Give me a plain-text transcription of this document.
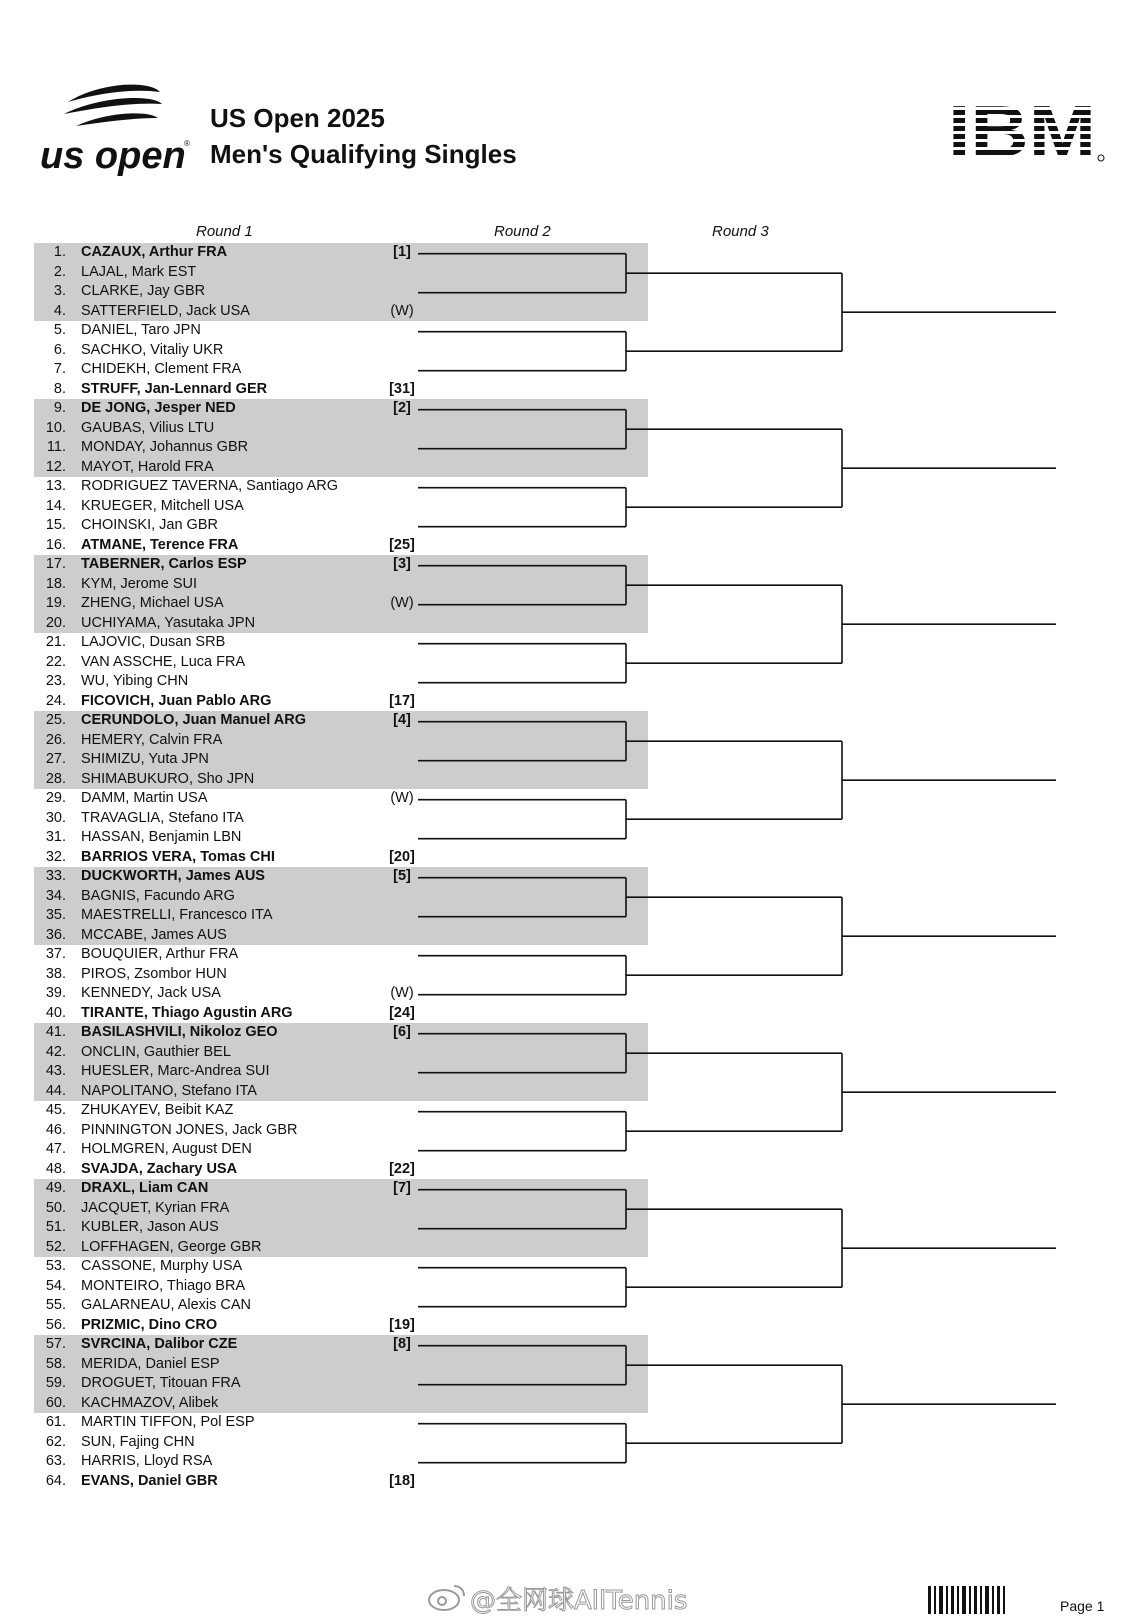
us open
®
US Open 2025
Men's Qualifying Singles	IBM
Round 1	Round 2	Round 3
1. CAZAUX, Arthur FRA	[1]
2. LAJAL, Mark EST
3. CLARKE, Jay GBR
4. SATTERFIELD, Jack USA	(W)
5. DANIEL, Taro JPN
6. SACHKO, Vitaliy UKR
7. CHIDEKH, Clement FRA
8. STRUFF, Jan-Lennard GER	[31]
9. DE JONG, Jesper NED	[2]
10. GAUBAS, Vilius LTU
11. MONDAY, Johannus GBR
12. MAYOT, Harold FRA
13. RODRIGUEZ TAVERNA, Santiago ARG
14. KRUEGER, Mitchell USA
15. CHOINSKI, Jan GBR
16. ATMANE, Terence FRA	[25]
17. TABERNER, Carlos ESP	[3]
18. KYM, Jerome SUI
19. ZHENG, Michael USA	(W)
20. UCHIYAMA, Yasutaka JPN
21. LAJOVIC, Dusan SRB
22. VAN ASSCHE, Luca FRA
23. WU, Yibing CHN
24. FICOVICH, Juan Pablo ARG	[17]
25. CERUNDOLO, Juan Manuel ARG	[4]
26. HEMERY, Calvin FRA
27. SHIMIZU, Yuta JPN
28. SHIMABUKURO, Sho JPN
29. DAMM, Martin USA	(W)
30. TRAVAGLIA, Stefano ITA
31. HASSAN, Benjamin LBN
32. BARRIOS VERA, Tomas CHI	[20]
33. DUCKWORTH, James AUS	[5]
34. BAGNIS, Facundo ARG
35. MAESTRELLI, Francesco ITA
36. MCCABE, James AUS
37. BOUQUIER, Arthur FRA
38. PIROS, Zsombor HUN
39. KENNEDY, Jack USA	(W)
40. TIRANTE, Thiago Agustin ARG	[24]
41. BASILASHVILI, Nikoloz GEO	[6]
42. ONCLIN, Gauthier BEL
43. HUESLER, Marc-Andrea SUI
44. NAPOLITANO, Stefano ITA
45. ZHUKAYEV, Beibit KAZ
46. PINNINGTON JONES, Jack GBR
47. HOLMGREN, August DEN
48. SVAJDA, Zachary USA	[22]
49. DRAXL, Liam CAN	[7]
50. JACQUET, Kyrian FRA
51. KUBLER, Jason AUS
52. LOFFHAGEN, George GBR
53. CASSONE, Murphy USA
54. MONTEIRO, Thiago BRA
55. GALARNEAU, Alexis CAN
56. PRIZMIC, Dino CRO	[19]
57. SVRCINA, Dalibor CZE	[8]
58. MERIDA, Daniel ESP
59. DROGUET, Titouan FRA
60. KACHMAZOV, Alibek
61. MARTIN TIFFON, Pol ESP
62. SUN, Fajing CHN
63. HARRIS, Lloyd RSA
64. EVANS, Daniel GBR	[18]
@全网球AllTennis	Page 1
